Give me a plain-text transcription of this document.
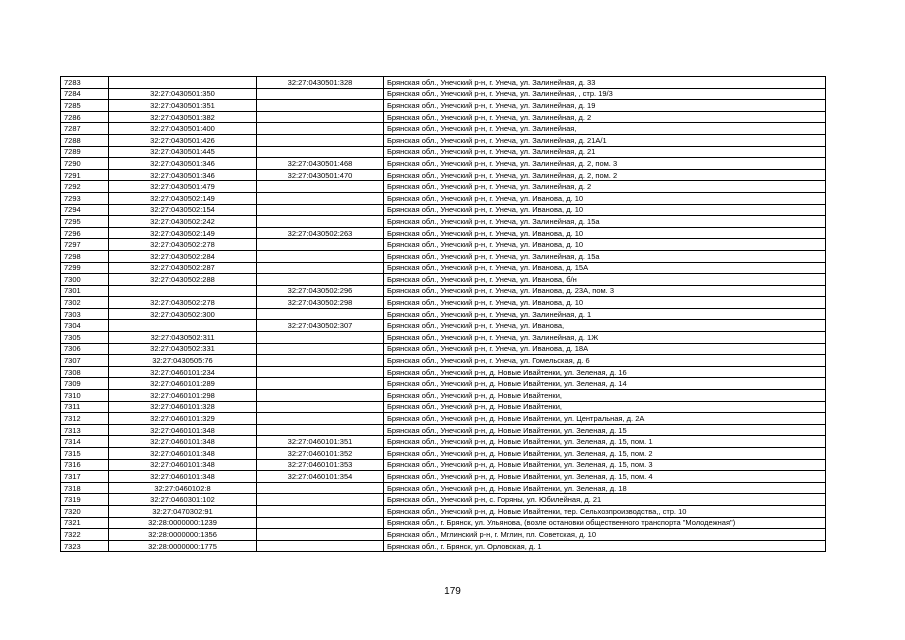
7283		32:27:0430501:328	Брянская обл., Унечский р-н, г. Унеча, ул. Залинейная, д. 33
7284	32:27:0430501:350		Брянская обл., Унечский р-н, г. Унеча, ул. Залинейная, , стр. 19/3
7285	32:27:0430501:351		Брянская обл., Унечский р-н, г. Унеча, ул. Залинейная, д. 19
7286	32:27:0430501:382		Брянская обл., Унечский р-н, г. Унеча, ул. Залинейная, д. 2
7287	32:27:0430501:400		Брянская обл., Унечский р-н, г. Унеча, ул. Залинейная,
7288	32:27:0430501:426		Брянская обл., Унечский р-н, г. Унеча, ул. Залинейная, д. 21А/1
7289	32:27:0430501:445		Брянская обл., Унечский р-н, г. Унеча, ул. Залинейная, д. 21
7290	32:27:0430501:346	32:27:0430501:468	Брянская обл., Унечский р-н, г. Унеча, ул. Залинейная, д. 2, пом. 3
7291	32:27:0430501:346	32:27:0430501:470	Брянская обл., Унечский р-н, г. Унеча, ул. Залинейная, д. 2, пом. 2
7292	32:27:0430501:479		Брянская обл., Унечский р-н, г. Унеча, ул. Залинейная, д. 2
7293	32:27:0430502:149		Брянская обл., Унечский р-н, г. Унеча, ул. Иванова, д. 10
7294	32:27:0430502:154		Брянская обл., Унечский р-н, г. Унеча, ул. Иванова, д. 10
7295	32:27:0430502:242		Брянская обл., Унечский р-н, г. Унеча, ул. Залинейная, д. 15а
7296	32:27:0430502:149	32:27:0430502:263	Брянская обл., Унечский р-н, г. Унеча, ул. Иванова, д. 10
7297	32:27:0430502:278		Брянская обл., Унечский р-н, г. Унеча, ул. Иванова, д. 10
7298	32:27:0430502:284		Брянская обл., Унечский р-н, г. Унеча, ул. Залинейная, д. 15а
7299	32:27:0430502:287		Брянская обл., Унечский р-н, г. Унеча, ул. Иванова, д. 15А
7300	32:27:0430502:288		Брянская обл., Унечский р-н, г. Унеча, ул. Иванова, б/н
7301		32:27:0430502:296	Брянская обл., Унечский р-н, г. Унеча, ул. Иванова, д. 23А, пом. 3
7302	32:27:0430502:278	32:27:0430502:298	Брянская обл., Унечский р-н, г. Унеча, ул. Иванова, д. 10
7303	32:27:0430502:300		Брянская обл., Унечский р-н, г. Унеча, ул. Залинейная, д. 1
7304		32:27:0430502:307	Брянская обл., Унечский р-н, г. Унеча, ул. Иванова,
7305	32:27:0430502:311		Брянская обл., Унечский р-н, г. Унеча, ул. Залинейная, д. 1Ж
7306	32:27:0430502:331		Брянская обл., Унечский р-н, г. Унеча, ул. Иванова, д. 18А
7307	32:27:0430505:76		Брянская обл., Унечский р-н, г. Унеча, ул. Гомельская, д. 6
7308	32:27:0460101:234		Брянская обл., Унечский р-н, д. Новые Ивайтенки, ул. Зеленая, д. 16
7309	32:27:0460101:289		Брянская обл., Унечский р-н, д. Новые Ивайтенки, ул. Зеленая, д. 14
7310	32:27:0460101:298		Брянская обл., Унечский р-н, д. Новые Ивайтенки,
7311	32:27:0460101:328		Брянская обл., Унечский р-н, д. Новые Ивайтенки,
7312	32:27:0460101:329		Брянская обл., Унечский р-н, д. Новые Ивайтенки, ул. Центральная, д. 2А
7313	32:27:0460101:348		Брянская обл., Унечский р-н, д. Новые Ивайтенки, ул. Зеленая, д. 15
7314	32:27:0460101:348	32:27:0460101:351	Брянская обл., Унечский р-н, д. Новые Ивайтенки, ул. Зеленая, д. 15, пом. 1
7315	32:27:0460101:348	32:27:0460101:352	Брянская обл., Унечский р-н, д. Новые Ивайтенки, ул. Зеленая, д. 15, пом. 2
7316	32:27:0460101:348	32:27:0460101:353	Брянская обл., Унечский р-н, д. Новые Ивайтенки, ул. Зеленая, д. 15, пом. 3
7317	32:27:0460101:348	32:27:0460101:354	Брянская обл., Унечский р-н, д. Новые Ивайтенки, ул. Зеленая, д. 15, пом. 4
7318	32:27:0460102:8		Брянская обл., Унечский р-н, д. Новые Ивайтенки, ул. Зеленая, д. 18
7319	32:27:0460301:102		Брянская обл., Унечский р-н, с. Горяны, ул. Юбилейная, д. 21
7320	32:27:0470302:91		Брянская обл., Унечский р-н, д. Новые Ивайтенки, тер. Сельхозпроизводства,, стр. 10
7321	32:28:0000000:1239		Брянская обл., г. Брянск, ул. Ульянова, (возле остановки общественного транспорта "Молодежная")
7322	32:28:0000000:1356		Брянская обл., Мглинский р-н, г. Мглин, пл. Советская, д. 10
7323	32:28:0000000:1775		Брянская обл., г. Брянск, ул. Орловская, д. 1
179
